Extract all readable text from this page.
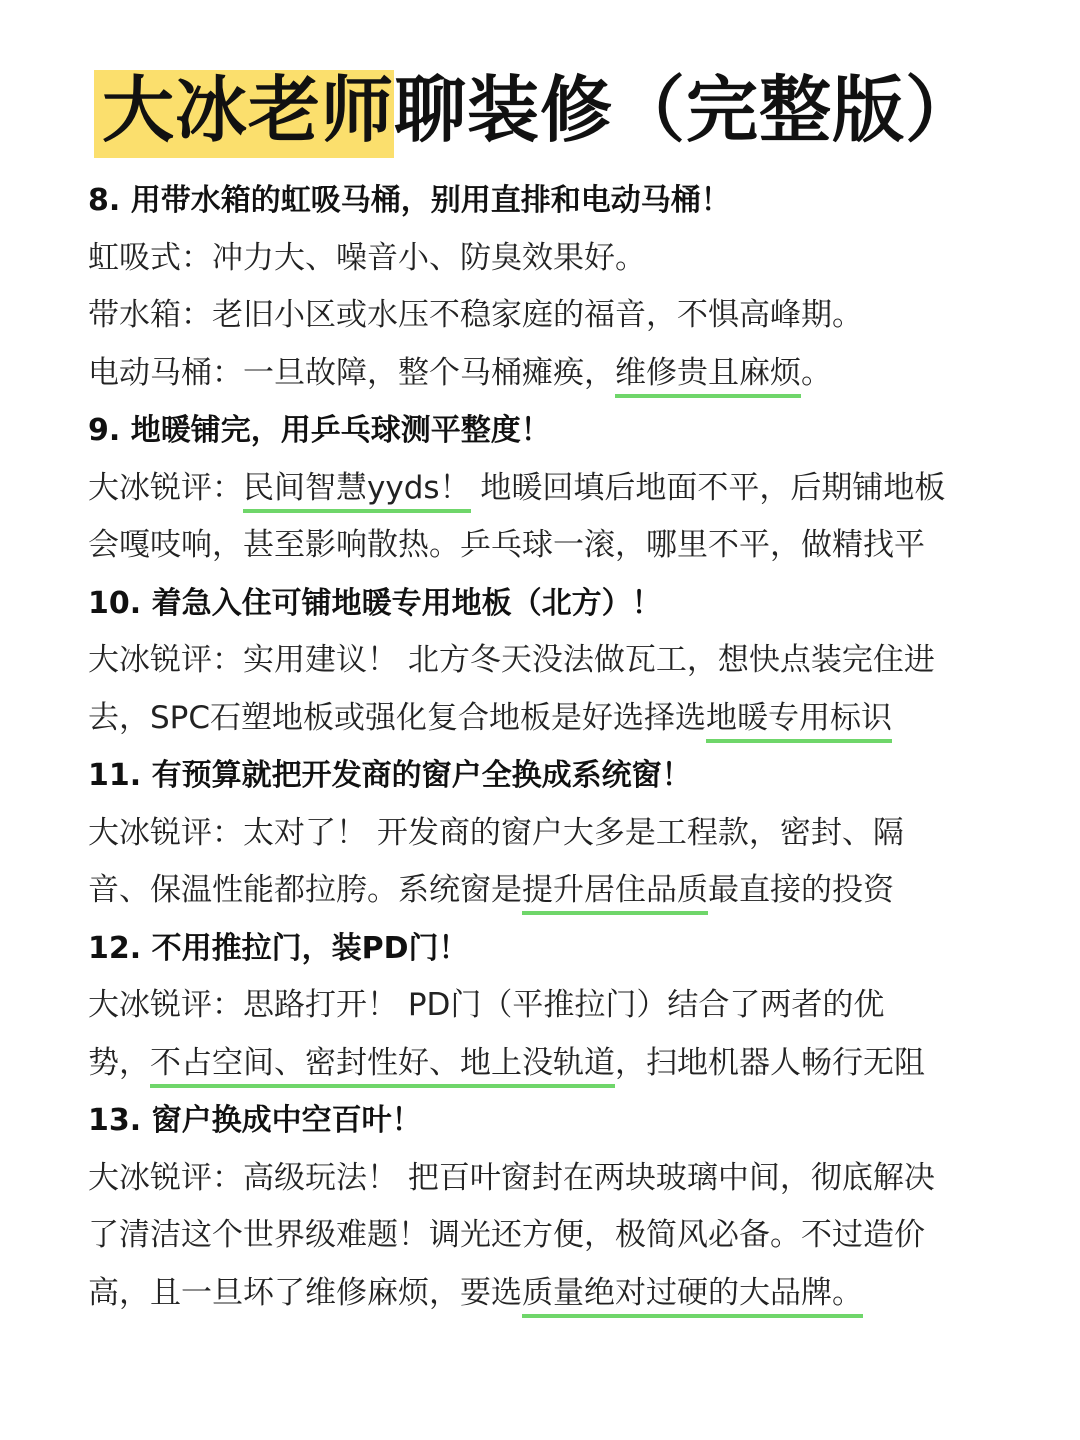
大冰老师聊装修（完整版）
8. 用带水箱的虹吸马桶，别用直排和电动马桶！
虹吸式：冲力大、噪音小、防臭效果好。
带水箱：老旧小区或水压不稳家庭的福音，不惧高峰期。
电动马桶：一旦故障，整个马桶瘫痪，维修贵且麻烦。
9. 地暖铺完，用乒乓球测平整度！
大冰锐评：民间智慧yyds！ 地暖回填后地面不平，后期铺地板
会嘎吱响，甚至影响散热。乒乓球一滚，哪里不平，做精找平
10. 着急入住可铺地暖专用地板（北方）！
大冰锐评：实用建议！ 北方冬天没法做瓦工，想快点装完住进
去，SPC石塑地板或强化复合地板是好选择选地暖专用标识
11. 有预算就把开发商的窗户全换成系统窗！
大冰锐评：太对了！ 开发商的窗户大多是工程款，密封、隔
音、保温性能都拉胯。系统窗是提升居住品质最直接的投资
12. 不用推拉门，装PD门！
大冰锐评：思路打开！ PD门（平推拉门）结合了两者的优
势，不占空间、密封性好、地上没轨道，扫地机器人畅行无阻
13. 窗户换成中空百叶！
大冰锐评：高级玩法！ 把百叶窗封在两块玻璃中间，彻底解决
了清洁这个世界级难题！调光还方便，极简风必备。不过造价
高，且一旦坏了维修麻烦，要选质量绝对过硬的大品牌。
